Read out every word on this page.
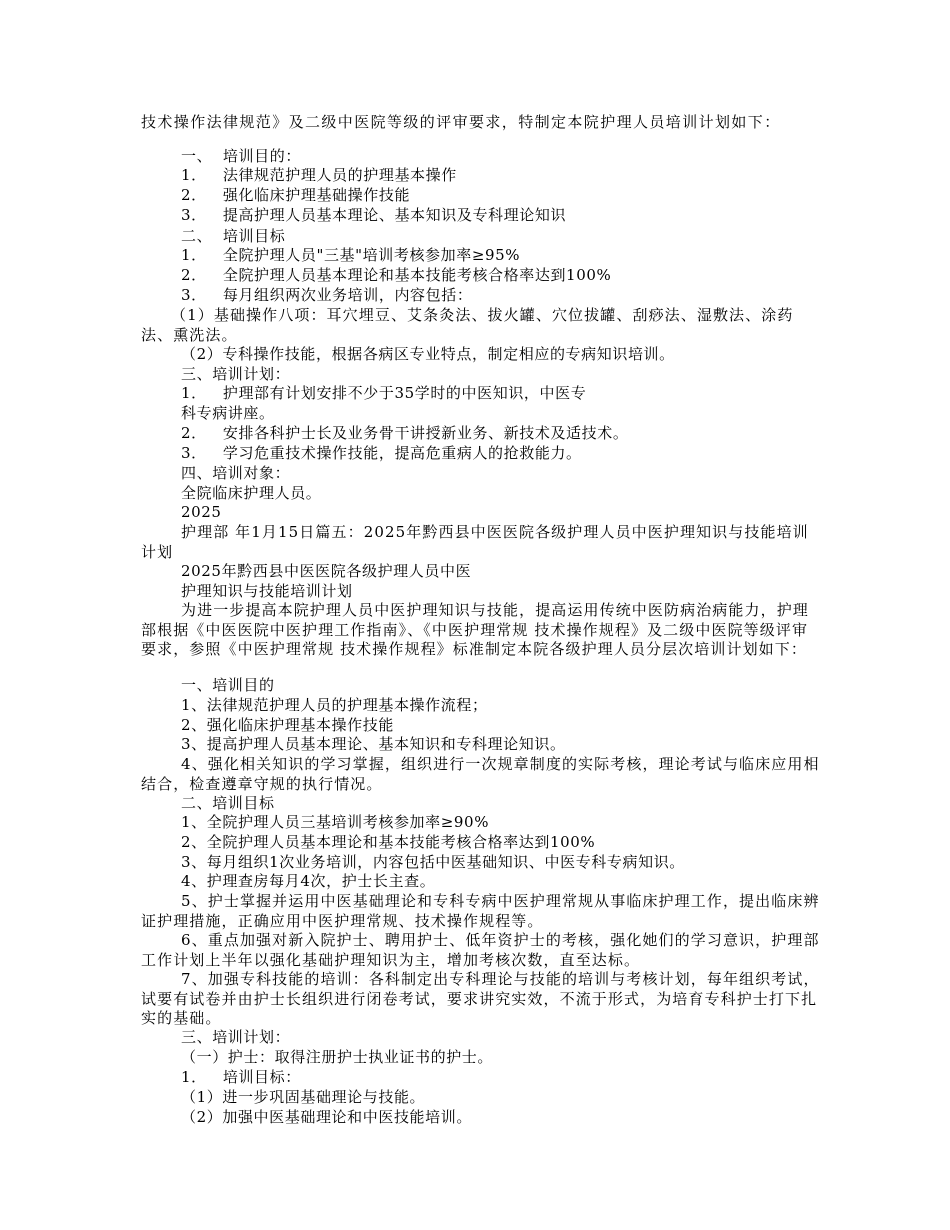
技术操作法律规范》及二级中医院等级的评审要求，特制定本院护理人员培训计划如下：
一、  培训目的：
1．   法律规范护理人员的护理基本操作
2．   强化临床护理基础操作技能
3．   提高护理人员基本理论、基本知识及专科理论知识
二、  培训目标
1．   全院护理人员"三基"培训考核参加率≥95%
2．   全院护理人员基本理论和基本技能考核合格率达到100%
3．   每月组织两次业务培训，内容包括：
（1）基础操作八项：耳穴埋豆、艾条灸法、拔火罐、穴位拔罐、刮痧法、湿敷法、涂药法、熏洗法。
（2）专科操作技能，根据各病区专业特点，制定相应的专病知识培训。
三、培训计划：
1．   护理部有计划安排不少于35学时的中医知识，中医专
科专病讲座。
2．   安排各科护士长及业务骨干讲授新业务、新技术及适技术。
3．   学习危重技术操作技能，提高危重病人的抢救能力。
四、培训对象：
全院临床护理人员。
2025
护理部 年1月15日篇五：2025年黔西县中医医院各级护理人员中医护理知识与技能培训计划
2025年黔西县中医医院各级护理人员中医
护理知识与技能培训计划
为进一步提高本院护理人员中医护理知识与技能，提高运用传统中医防病治病能力，护理部根据《中医医院中医护理工作指南》、《中医护理常规 技术操作规程》及二级中医院等级评审要求，参照《中医护理常规 技术操作规程》标准制定本院各级护理人员分层次培训计划如下：
一、培训目的
1、法律规范护理人员的护理基本操作流程；
2、强化临床护理基本操作技能
3、提高护理人员基本理论、基本知识和专科理论知识。
4、强化相关知识的学习掌握，组织进行一次规章制度的实际考核，理论考试与临床应用相结合，检查遵章守规的执行情况。
二、培训目标
1、全院护理人员三基培训考核参加率≥90%
2、全院护理人员基本理论和基本技能考核合格率达到100%
3、每月组织1次业务培训，内容包括中医基础知识、中医专科专病知识。
4、护理查房每月4次，护士长主查。
5、护士掌握并运用中医基础理论和专科专病中医护理常规从事临床护理工作，提出临床辨证护理措施，正确应用中医护理常规、技术操作规程等。
6、重点加强对新入院护士、聘用护士、低年资护士的考核，强化她们的学习意识，护理部工作计划上半年以强化基础护理知识为主，增加考核次数，直至达标。
7、加强专科技能的培训：各科制定出专科理论与技能的培训与考核计划，每年组织考试，试要有试卷并由护士长组织进行闭卷考试，要求讲究实效，不流于形式，为培育专科护士打下扎实的基础。
三、培训计划：
（一）护士：取得注册护士执业证书的护士。
1．   培训目标：
（1）进一步巩固基础理论与技能。
（2）加强中医基础理论和中医技能培训。
